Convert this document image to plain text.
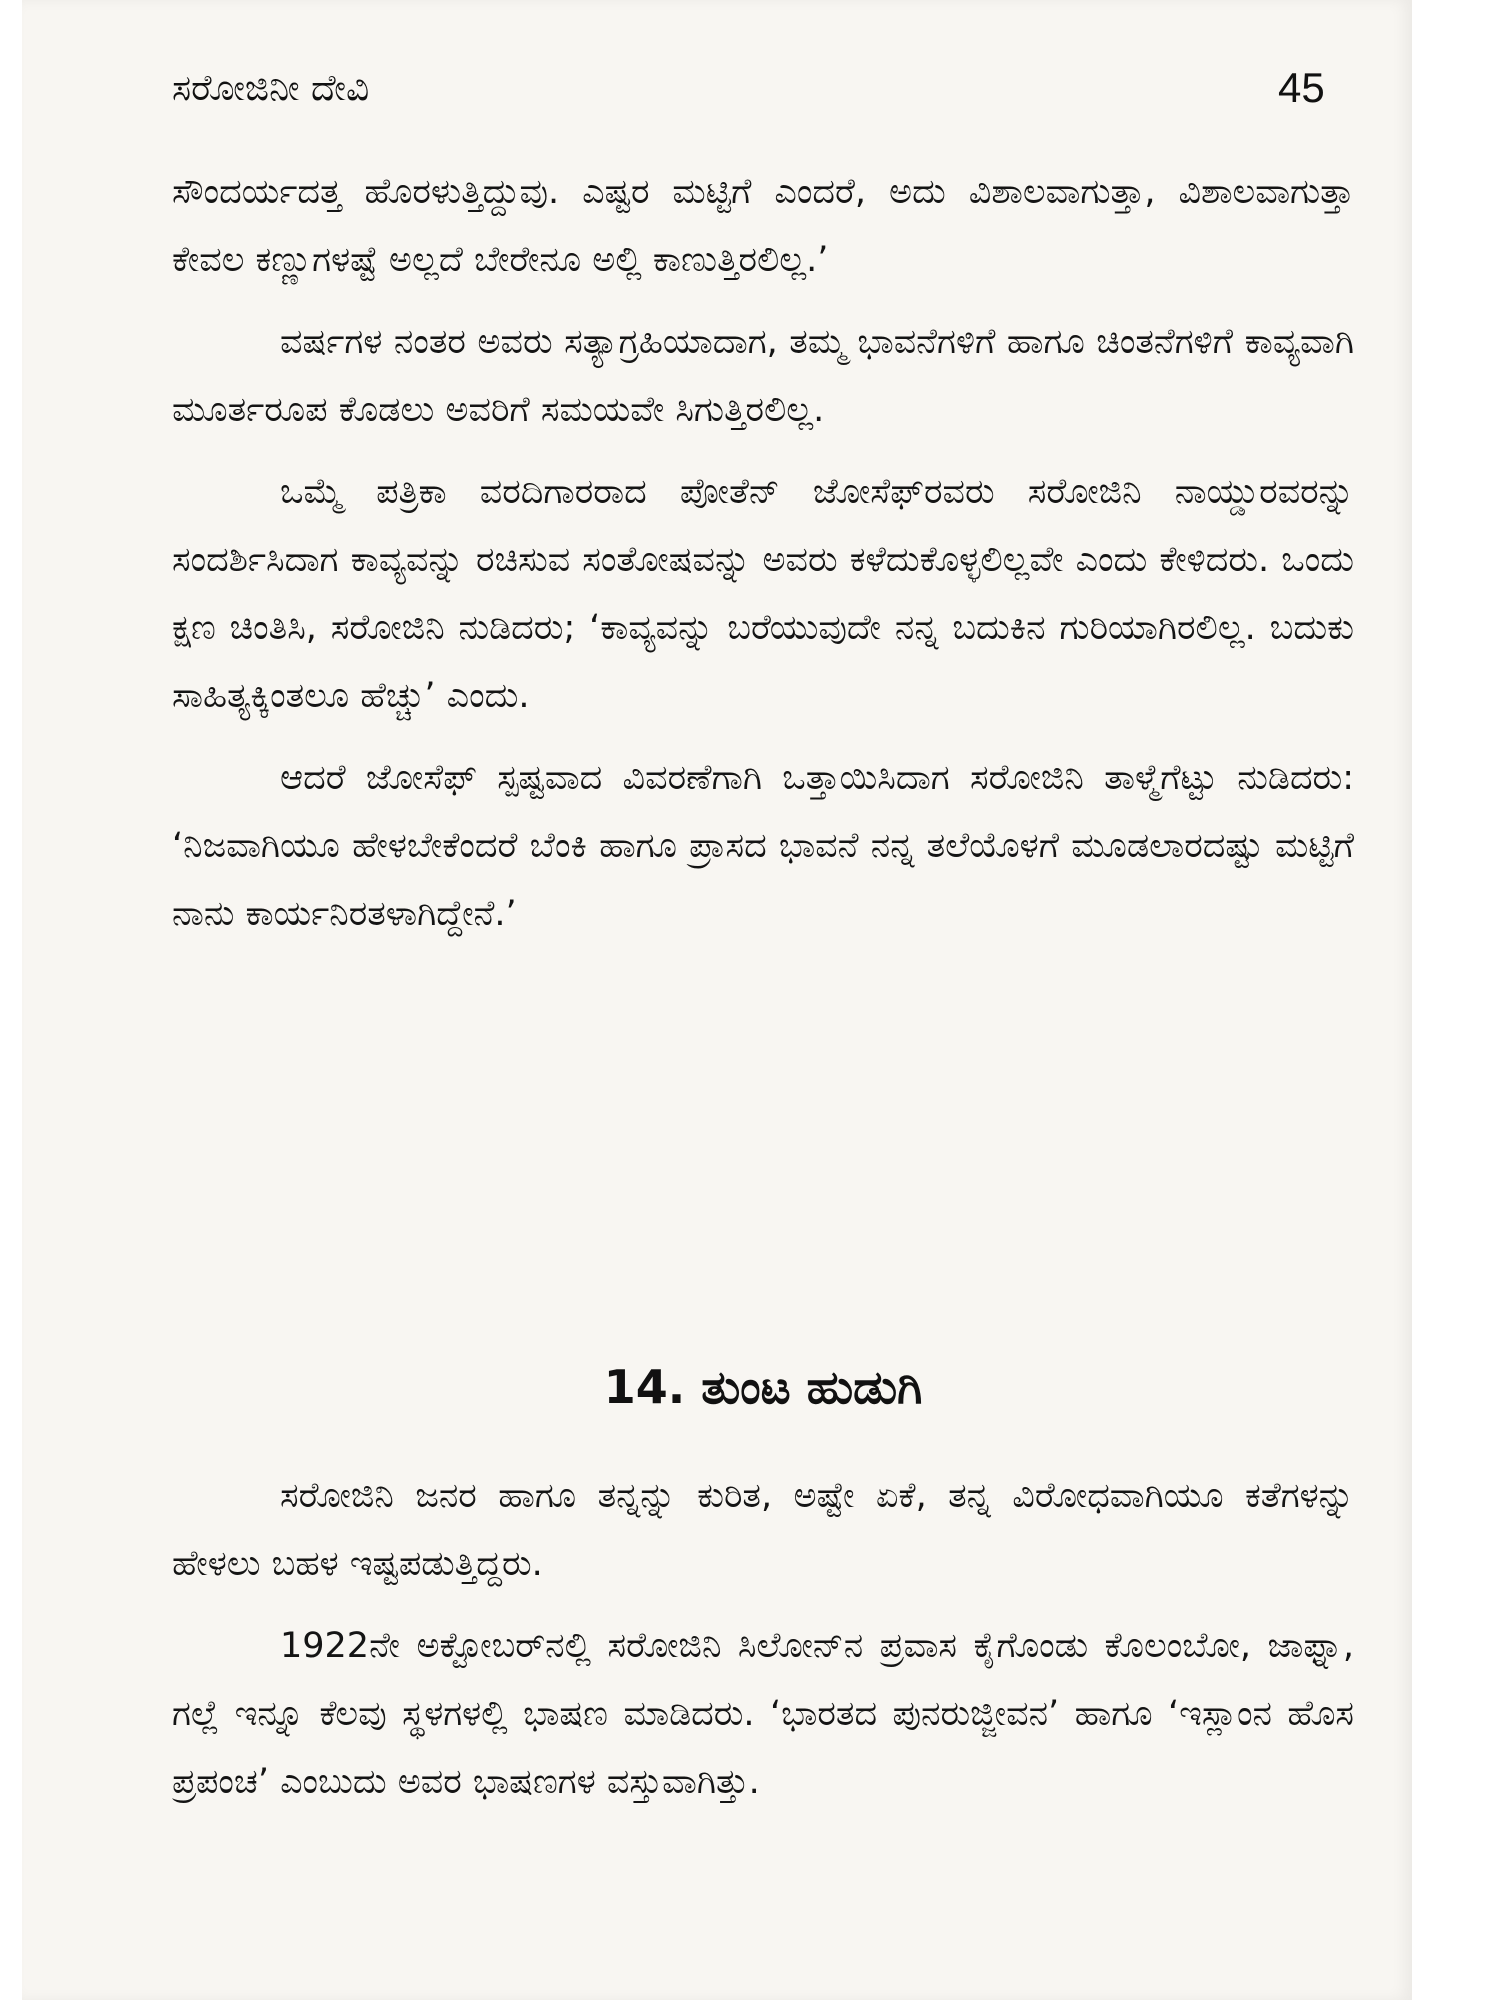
ಸರೋಜಿನೀ ದೇವಿ	45

ಸೌಂದರ್ಯದತ್ತ ಹೊರಳುತ್ತಿದ್ದುವು. ಎಷ್ಟರ ಮಟ್ಟಿಗೆ ಎಂದರೆ, ಅದು ವಿಶಾಲವಾಗುತ್ತಾ, ವಿಶಾಲವಾಗುತ್ತಾ ಕೇವಲ ಕಣ್ಣುಗಳಷ್ಟೆ ಅಲ್ಲದೆ ಬೇರೇನೂ ಅಲ್ಲಿ ಕಾಣುತ್ತಿರಲಿಲ್ಲ.’

ವರ್ಷಗಳ ನಂತರ ಅವರು ಸತ್ಯಾಗ್ರಹಿಯಾದಾಗ, ತಮ್ಮ ಭಾವನೆಗಳಿಗೆ ಹಾಗೂ ಚಿಂತನೆಗಳಿಗೆ ಕಾವ್ಯವಾಗಿ ಮೂರ್ತರೂಪ ಕೊಡಲು ಅವರಿಗೆ ಸಮಯವೇ ಸಿಗುತ್ತಿರಲಿಲ್ಲ.

ಒಮ್ಮೆ ಪತ್ರಿಕಾ ವರದಿಗಾರರಾದ ಪೋತೆನ್ ಜೋಸೆಫ್‌ರವರು ಸರೋಜಿನಿ ನಾಯ್ಡುರವರನ್ನು ಸಂದರ್ಶಿಸಿದಾಗ ಕಾವ್ಯವನ್ನು ರಚಿಸುವ ಸಂತೋಷವನ್ನು ಅವರು ಕಳೆದುಕೊಳ್ಳಲಿಲ್ಲವೇ ಎಂದು ಕೇಳಿದರು. ಒಂದು ಕ್ಷಣ ಚಿಂತಿಸಿ, ಸರೋಜಿನಿ ನುಡಿದರು; ‘ಕಾವ್ಯವನ್ನು ಬರೆಯುವುದೇ ನನ್ನ ಬದುಕಿನ ಗುರಿಯಾಗಿರಲಿಲ್ಲ. ಬದುಕು ಸಾಹಿತ್ಯಕ್ಕಿಂತಲೂ ಹೆಚ್ಚು’ ಎಂದು.

ಆದರೆ ಜೋಸೆಫ್ ಸ್ಪಷ್ಟವಾದ ವಿವರಣೆಗಾಗಿ ಒತ್ತಾಯಿಸಿದಾಗ ಸರೋಜಿನಿ ತಾಳ್ಮೆಗೆಟ್ಟು ನುಡಿದರು: ‘ನಿಜವಾಗಿಯೂ ಹೇಳಬೇಕೆಂದರೆ ಬೆಂಕಿ ಹಾಗೂ ಪ್ರಾಸದ ಭಾವನೆ ನನ್ನ ತಲೆಯೊಳಗೆ ಮೂಡಲಾರದಷ್ಟು ಮಟ್ಟಿಗೆ ನಾನು ಕಾರ್ಯನಿರತಳಾಗಿದ್ದೇನೆ.’

14. ತುಂಟ ಹುಡುಗಿ

ಸರೋಜಿನಿ ಜನರ ಹಾಗೂ ತನ್ನನ್ನು ಕುರಿತ, ಅಷ್ಟೇ ಏಕೆ, ತನ್ನ ವಿರೋಧವಾಗಿಯೂ ಕತೆಗಳನ್ನು ಹೇಳಲು ಬಹಳ ಇಷ್ಟಪಡುತ್ತಿದ್ದರು.

1922ನೇ ಅಕ್ಟೋಬರ್‌ನಲ್ಲಿ ಸರೋಜಿನಿ ಸಿಲೋನ್‌ನ ಪ್ರವಾಸ ಕೈಗೊಂಡು ಕೊಲಂಬೋ, ಜಾಫ್ನಾ, ಗಲ್ಲೆ ಇನ್ನೂ ಕೆಲವು ಸ್ಥಳಗಳಲ್ಲಿ ಭಾಷಣ ಮಾಡಿದರು. ‘ಭಾರತದ ಪುನರುಜ್ಜೀವನ’ ಹಾಗೂ ‘ಇಸ್ಲಾಂನ ಹೊಸ ಪ್ರಪಂಚ’ ಎಂಬುದು ಅವರ ಭಾಷಣಗಳ ವಸ್ತುವಾಗಿತ್ತು.
